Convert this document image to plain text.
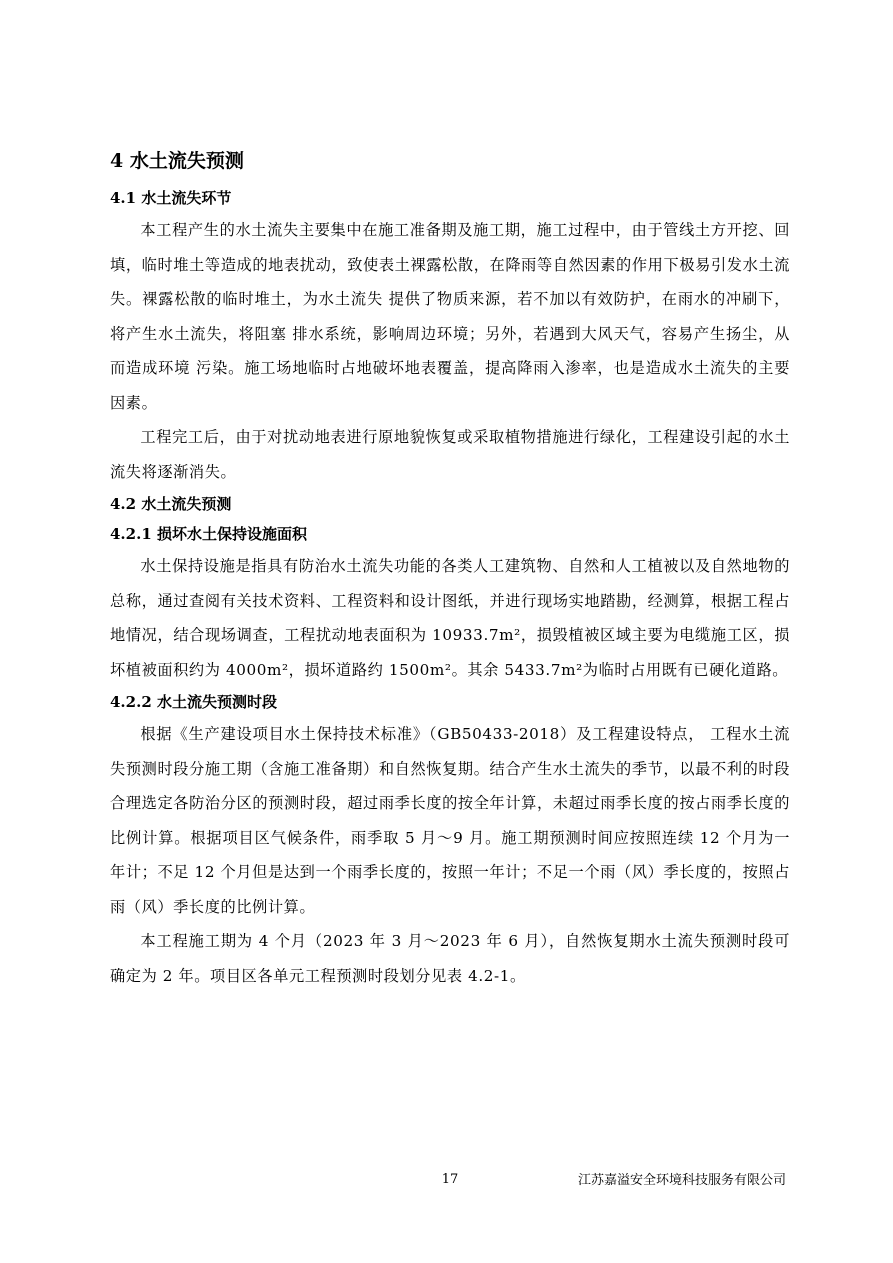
4 水土流失预测
4.1 水土流失环节

本工程产生的水土流失主要集中在施工准备期及施工期，施工过程中，由于管线土方开挖、回填，临时堆土等造成的地表扰动，致使表土裸露松散，在降雨等自然因素的作用下极易引发水土流失。裸露松散的临时堆土，为水土流失 提供了物质来源，若不加以有效防护，在雨水的冲刷下，将产生水土流失，将阻塞 排水系统，影响周边环境；另外，若遇到大风天气，容易产生扬尘，从而造成环境 污染。施工场地临时占地破坏地表覆盖，提高降雨入渗率，也是造成水土流失的主要因素。

工程完工后，由于对扰动地表进行原地貌恢复或采取植物措施进行绿化，工程建设引起的水土流失将逐渐消失。

4.2 水土流失预测
4.2.1 损坏水土保持设施面积

水土保持设施是指具有防治水土流失功能的各类人工建筑物、自然和人工植被以及自然地物的总称，通过查阅有关技术资料、工程资料和设计图纸，并进行现场实地踏勘，经测算，根据工程占地情况，结合现场调查，工程扰动地表面积为 10933.7m²，损毁植被区域主要为电缆施工区，损坏植被面积约为 4000m²，损坏道路约 1500m²。其余 5433.7m²为临时占用既有已硬化道路。

4.2.2 水土流失预测时段

根据《生产建设项目水土保持技术标准》（GB50433-2018）及工程建设特点， 工程水土流失预测时段分施工期（含施工准备期）和自然恢复期。结合产生水土流失的季节，以最不利的时段合理选定各防治分区的预测时段，超过雨季长度的按全年计算，未超过雨季长度的按占雨季长度的比例计算。根据项目区气候条件，雨季取 5 月～9 月。施工期预测时间应按照连续 12 个月为一年计；不足 12 个月但是达到一个雨季长度的，按照一年计；不足一个雨（风）季长度的，按照占雨（风）季长度的比例计算。

本工程施工期为 4 个月（2023 年 3 月～2023 年 6 月），自然恢复期水土流失预测时段可确定为 2 年。项目区各单元工程预测时段划分见表 4.2-1。

17	江苏嘉溢安全环境科技服务有限公司
